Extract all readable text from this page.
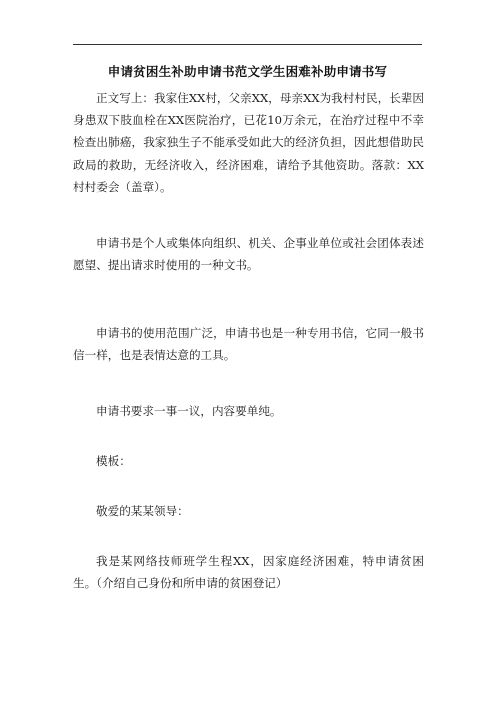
申请贫困生补助申请书范文学生困难补助申请书写

正文写上：我家住XX村，父亲XX，母亲XX为我村村民，长辈因身患双下肢血栓在XX医院治疗，已花10万余元，在治疗过程中不幸检查出肺癌，我家独生子不能承受如此大的经济负担，因此想借助民政局的救助，无经济收入，经济困难，请给予其他资助。落款：XX村村委会（盖章）。

申请书是个人或集体向组织、机关、企事业单位或社会团体表述愿望、提出请求时使用的一种文书。

申请书的使用范围广泛，申请书也是一种专用书信，它同一般书信一样，也是表情达意的工具。

申请书要求一事一议，内容要单纯。

模板：

敬爱的某某领导：

我是某网络技师班学生程XX，因家庭经济困难，特申请贫困生。（介绍自己身份和所申请的贫困登记）
